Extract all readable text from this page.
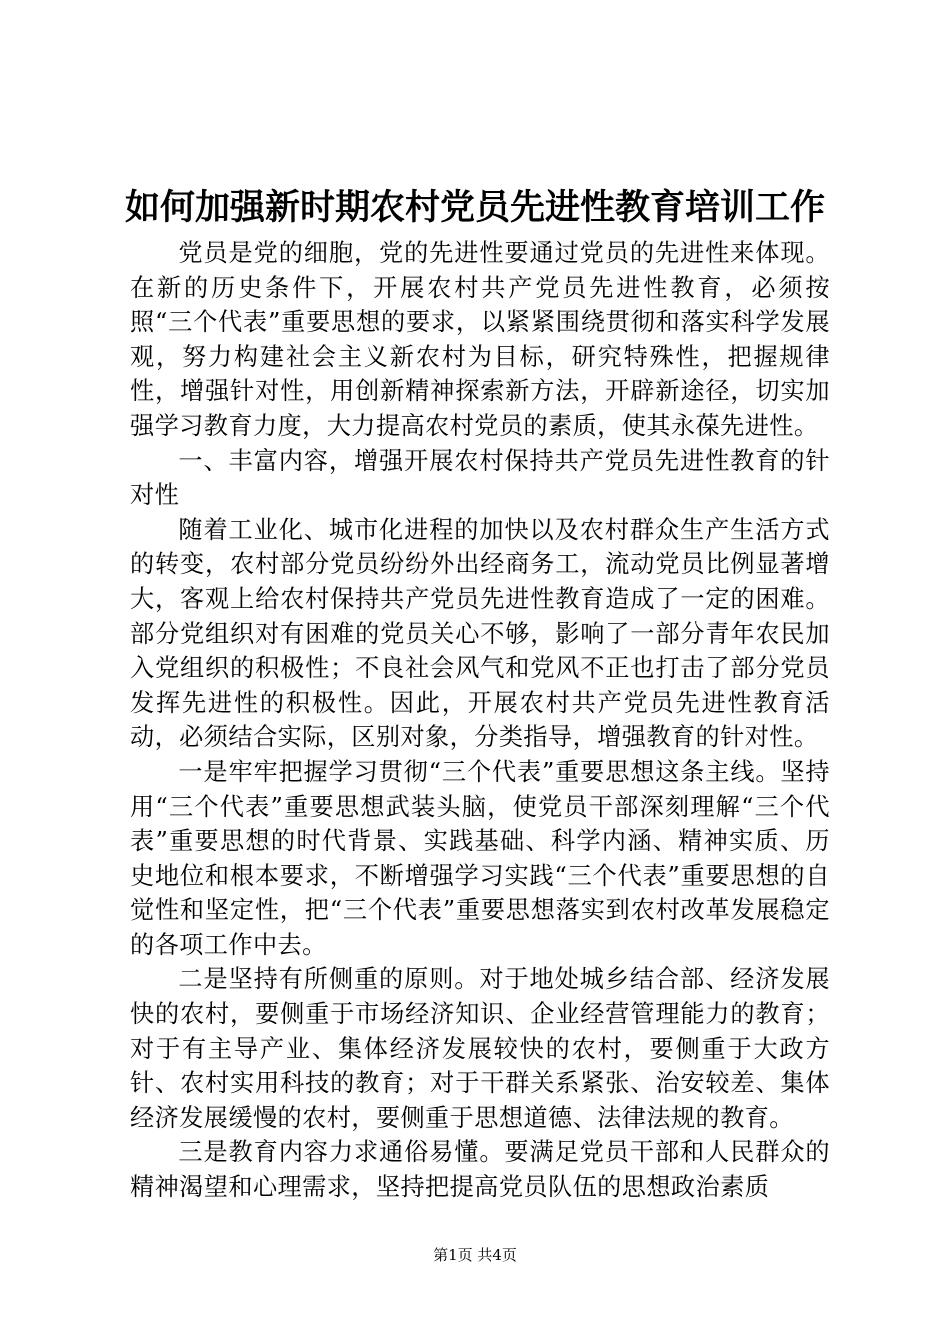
如何加强新时期农村党员先进性教育培训工作

党员是党的细胞，党的先进性要通过党员的先进性来体现。在新的历史条件下，开展农村共产党员先进性教育，必须按照“三个代表”重要思想的要求，以紧紧围绕贯彻和落实科学发展观，努力构建社会主义新农村为目标，研究特殊性，把握规律性，增强针对性，用创新精神探索新方法，开辟新途径，切实加强学习教育力度，大力提高农村党员的素质，使其永葆先进性。

一、丰富内容，增强开展农村保持共产党员先进性教育的针对性

随着工业化、城市化进程的加快以及农村群众生产生活方式的转变，农村部分党员纷纷外出经商务工，流动党员比例显著增大，客观上给农村保持共产党员先进性教育造成了一定的困难。部分党组织对有困难的党员关心不够，影响了一部分青年农民加入党组织的积极性；不良社会风气和党风不正也打击了部分党员发挥先进性的积极性。因此，开展农村共产党员先进性教育活动，必须结合实际，区别对象，分类指导，增强教育的针对性。

一是牢牢把握学习贯彻“三个代表”重要思想这条主线。坚持用“三个代表”重要思想武装头脑，使党员干部深刻理解“三个代表”重要思想的时代背景、实践基础、科学内涵、精神实质、历史地位和根本要求，不断增强学习实践“三个代表”重要思想的自觉性和坚定性，把“三个代表”重要思想落实到农村改革发展稳定的各项工作中去。

二是坚持有所侧重的原则。对于地处城乡结合部、经济发展快的农村，要侧重于市场经济知识、企业经营管理能力的教育；对于有主导产业、集体经济发展较快的农村，要侧重于大政方针、农村实用科技的教育；对于干群关系紧张、治安较差、集体经济发展缓慢的农村，要侧重于思想道德、法律法规的教育。

三是教育内容力求通俗易懂。要满足党员干部和人民群众的精神渴望和心理需求，坚持把提高党员队伍的思想政治素质

第1页 共4页
